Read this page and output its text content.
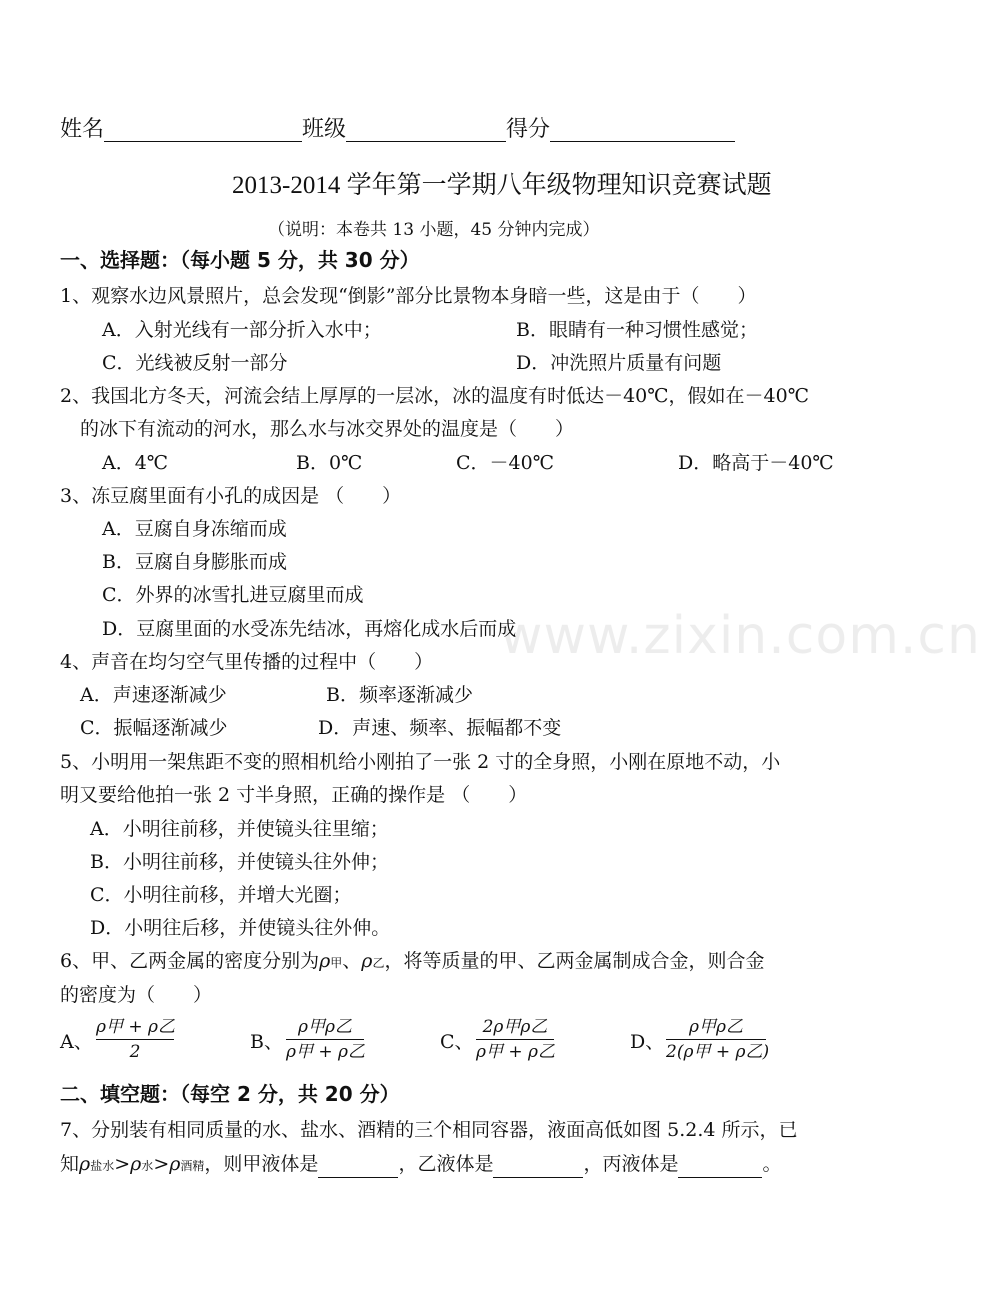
姓名	班级	得分
2013-2014 学年第一学期八年级物理知识竞赛试题
（说明：本卷共 13 小题，45 分钟内完成）
一、选择题：（每小题 5 分，共 30 分）
1、观察水边风景照片，总会发现“倒影”部分比景物本身暗一些，这是由于（　　）
A．入射光线有一部分折入水中；	B．眼睛有一种习惯性感觉；
C．光线被反射一部分	D．冲洗照片质量有问题
2、我国北方冬天，河流会结上厚厚的一层冰，冰的温度有时低达－40℃，假如在－40℃
的冰下有流动的河水，那么水与冰交界处的温度是（　　）
A．4℃	B．0℃	C．－40℃	D．略高于－40℃
3、冻豆腐里面有小孔的成因是 （　　）
A．豆腐自身冻缩而成
B．豆腐自身膨胀而成
C．外界的冰雪扎进豆腐里而成
D．豆腐里面的水受冻先结冰，再熔化成水后而成
www.zixin.com.cn
4、声音在均匀空气里传播的过程中（　　）
A．声速逐渐减少	B．频率逐渐减少
C．振幅逐渐减少	D．声速、频率、振幅都不变
5、小明用一架焦距不变的照相机给小刚拍了一张 2 寸的全身照，小刚在原地不动，小
明又要给他拍一张 2 寸半身照，正确的操作是 （　　）
A．小明往前移，并使镜头往里缩；
B．小明往前移，并使镜头往外伸；
C．小明往前移，并增大光圈；
D．小明往后移，并使镜头往外伸。
6、甲、乙两金属的密度分别为ρ甲、ρ乙，将等质量的甲、乙两金属制成合金，则合金
的密度为（　　）
A、
ρ甲 + ρ乙
2	B、
ρ甲ρ乙
ρ甲 + ρ乙	C、
2ρ甲ρ乙
ρ甲 + ρ乙	D、
ρ甲ρ乙
2(ρ甲 + ρ乙)
二、填空题：（每空 2 分，共 20 分）
7、分别装有相同质量的水、盐水、酒精的三个相同容器，液面高低如图 5.2.4 所示，已
知ρ盐水>ρ水>ρ酒精，则甲液体是	，乙液体是	，丙液体是	。
